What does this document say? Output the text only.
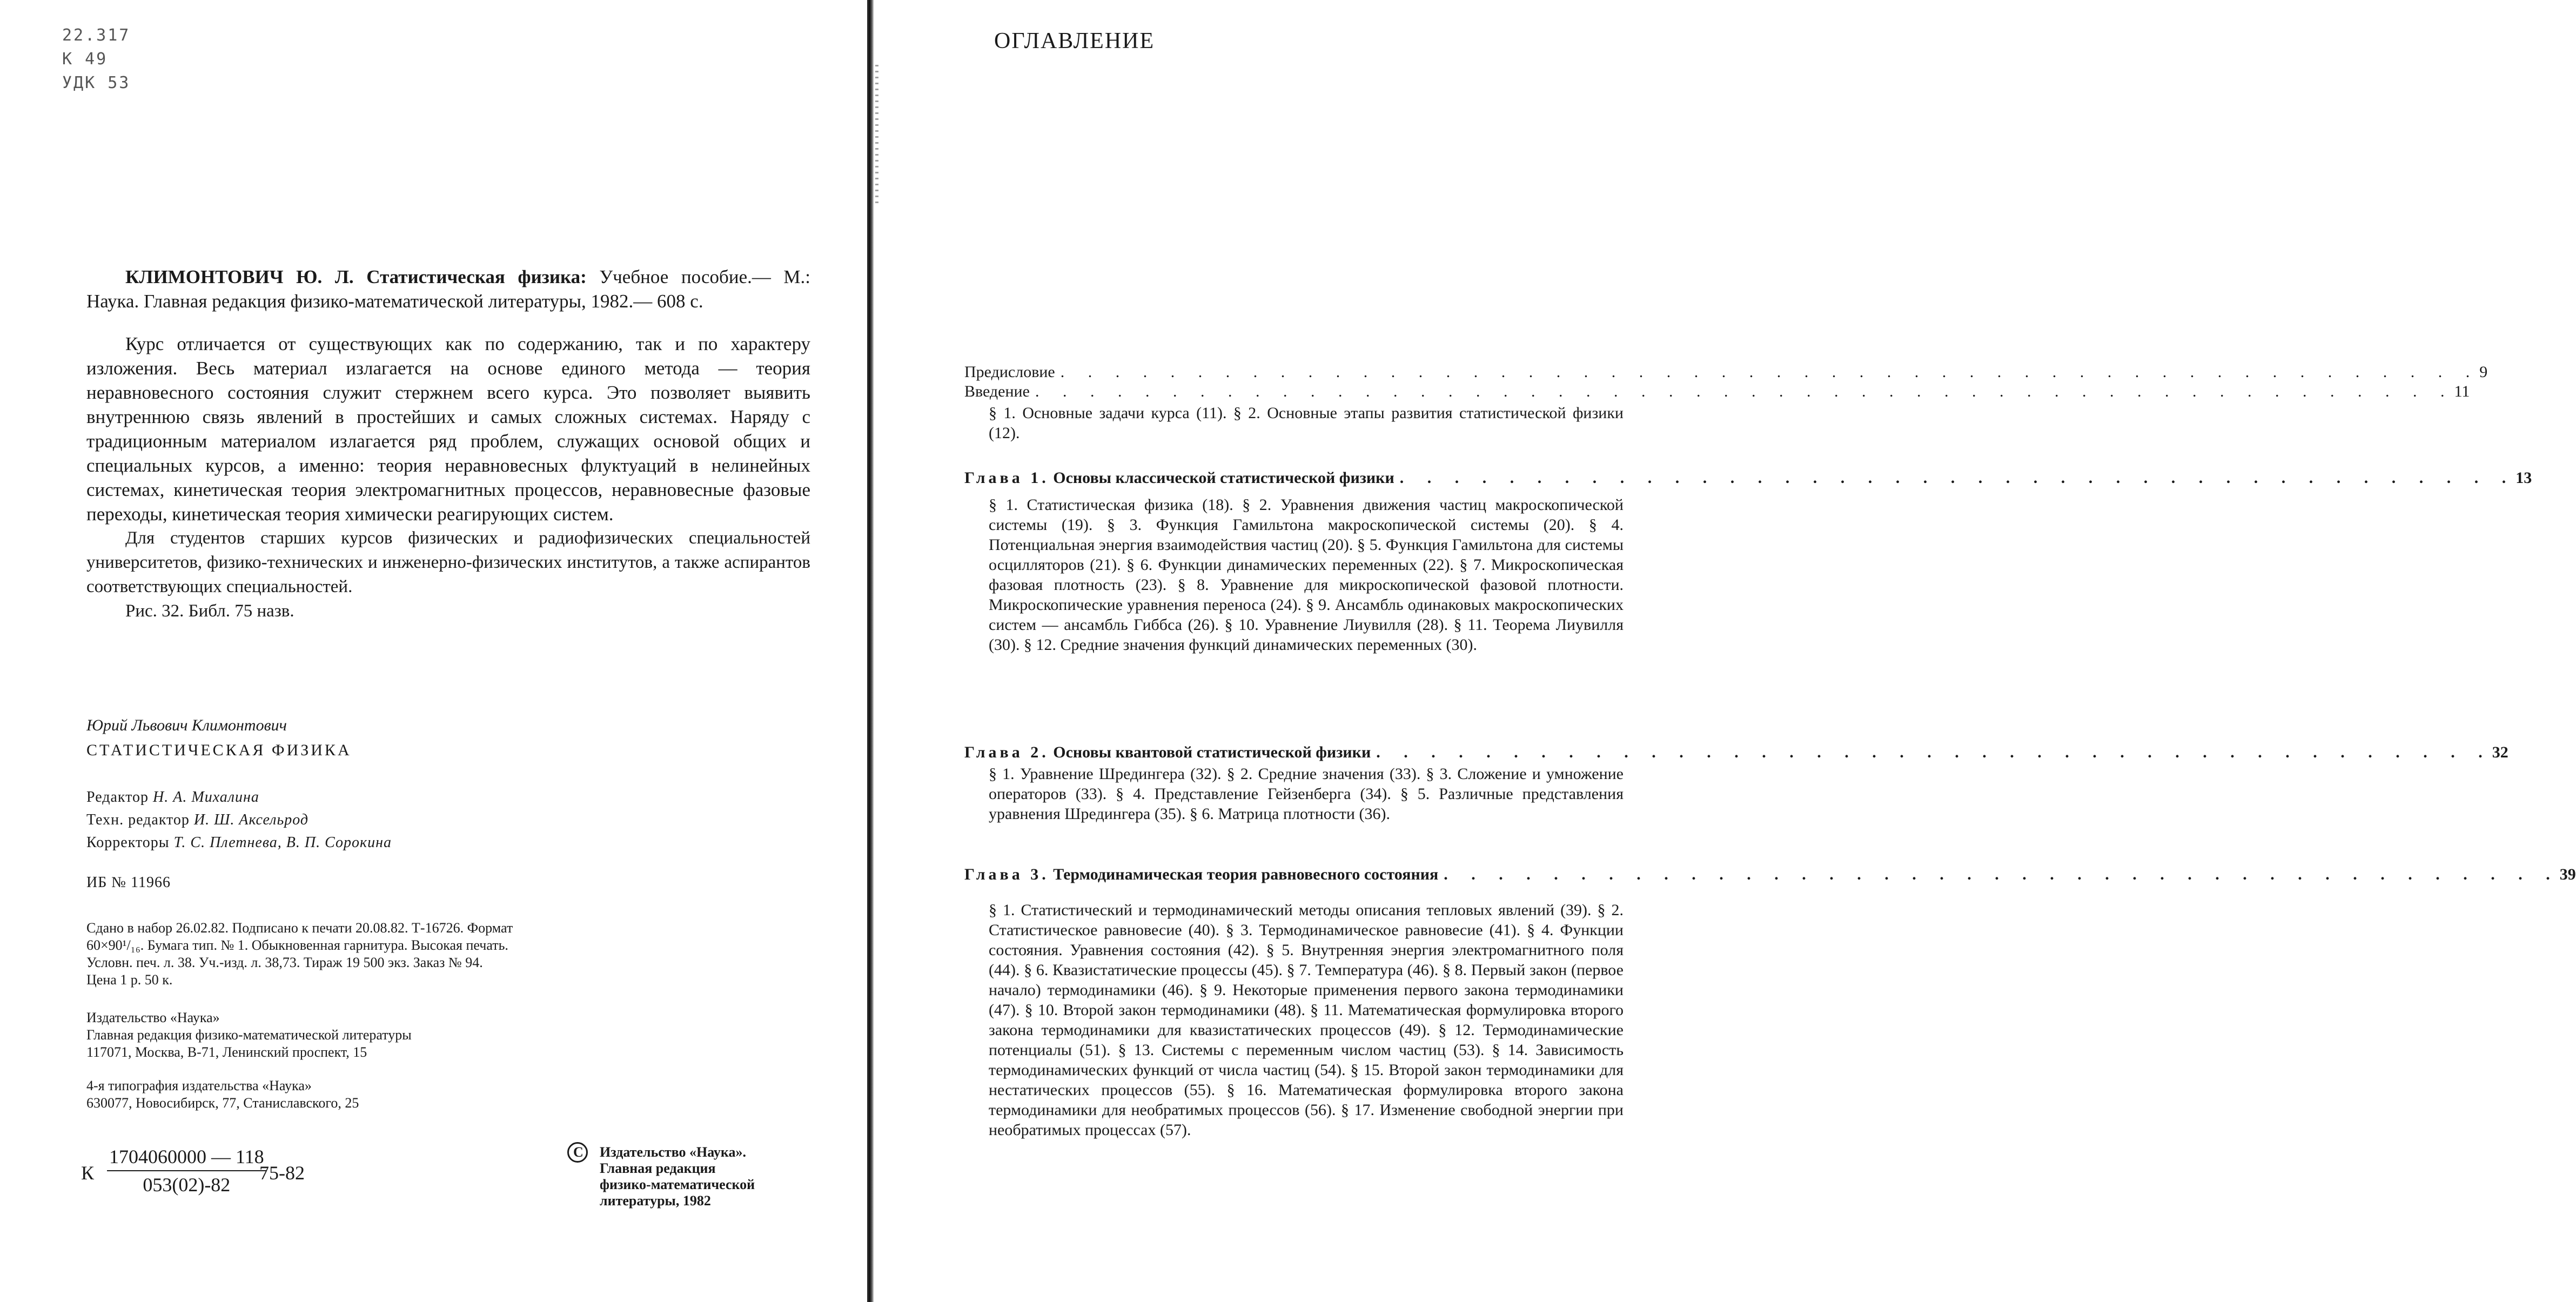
22.317
К 49
УДК 53
КЛИМОНТОВИЧ Ю. Л. Статистическая физика: Учебное пособие.— М.: Наука. Главная редакция физико-математической литературы, 1982.— 608 с.

Курс отличается от существующих как по содержанию, так и по характеру изложения. Весь материал излагается на основе единого метода — теория неравновесного состояния служит стержнем всего курса. Это позволяет выявить внутреннюю связь явлений в простейших и самых сложных системах. Наряду с традиционным материалом излагается ряд проблем, служащих основой общих и специальных курсов, а именно: теория неравновесных флуктуаций в нелинейных системах, кинетическая теория электромагнитных процессов, неравновесные фазовые переходы, кинетическая теория химически реагирующих систем.

Для студентов старших курсов физических и радиофизических специальностей университетов, физико-технических и инженерно-физических институтов, а также аспирантов соответствующих специальностей.

Рис. 32. Библ. 75 назв.

Юрий Львович Климонтович
СТАТИСТИЧЕСКАЯ ФИЗИКА
Редактор Н. А. Михалина
Техн. редактор И. Ш. Аксельрод
Корректоры Т. С. Плетнева, В. П. Сорокина
ИБ № 11966
Сдано в набор 26.02.82. Подписано к печати 20.08.82. Т-16726. Формат
60×90¹/₁₆. Бумага тип. № 1. Обыкновенная гарнитура. Высокая печать.
Условн. печ. л. 38. Уч.-изд. л. 38,73. Тираж 19 500 экз. Заказ № 94.
Цена 1 р. 50 к.
Издательство «Наука»
Главная редакция физико-математической литературы
117071, Москва, В-71, Ленинский проспект, 15
4-я типография издательства «Наука»
630077, Новосибирск, 77, Станиславского, 25
К $\frac{1704060000 — 118}{053(02)-82}$
75-82
C
Издательство «Наука».
Главная редакция
физико-математической
литературы, 1982
ОГЛАВЛЕНИЕ
Предисловие . . . . . . . . . . . . . . . . . . . . . . . . . . . . . . . . . . . . . . . . . . . . . . . . . . . . 9
Введение . . . . . . . . . . . . . . . . . . . . . . . . . . . . . . . . . . . . . . . . . . . . . . . . . . . . 11
§ 1. Основные задачи курса (11). § 2. Основные этапы развития статистической физики (12).
Глава 1. Основы классической статистической физики . . . . . . . . . . . . . . . . . . . . . . . . . . . . . . . . . . . . . . . . . 13
§ 1. Статистическая физика (18). § 2. Уравнения движения частиц макроскопической системы (19). § 3. Функция Гамильтона макроскопической системы (20). § 4. Потенциальная энергия взаимодействия частиц (20). § 5. Функция Гамильтона для системы осцилляторов (21). § 6. Функции динамических переменных (22). § 7. Микроскопическая фазовая плотность (23). § 8. Уравнение для микроскопической фазовой плотности. Микроскопические уравнения переноса (24). § 9. Ансамбль одинаковых макроскопических систем — ансамбль Гиббса (26). § 10. Уравнение Лиувилля (28). § 11. Теорема Лиувилля (30). § 12. Средние значения функций динамических переменных (30).
Глава 2. Основы квантовой статистической физики . . . . . . . . . . . . . . . . . . . . . . . . . . . . . . . . . . . . . . . . . 32
§ 1. Уравнение Шредингера (32). § 2. Средние значения (33). § 3. Сложение и умножение операторов (33). § 4. Представление Гейзенберга (34). § 5. Различные представления уравнения Шредингера (35). § 6. Матрица плотности (36).
Глава 3. Термодинамическая теория равновесного состояния . . . . . . . . . . . . . . . . . . . . . . . . . . . . . . . . . . . . . . . . . 39
§ 1. Статистический и термодинамический методы описания тепловых явлений (39). § 2. Статистическое равновесие (40). § 3. Термодинамическое равновесие (41). § 4. Функции состояния. Уравнения состояния (42). § 5. Внутренняя энергия электромагнитного поля (44). § 6. Квазистатические процессы (45). § 7. Температура (46). § 8. Первый закон (первое начало) термодинамики (46). § 9. Некоторые применения первого закона термодинамики (47). § 10. Второй закон термодинамики (48). § 11. Математическая формулировка второго закона термодинамики для квазистатических процессов (49). § 12. Термодинамические потенциалы (51). § 13. Системы с переменным числом частиц (53). § 14. Зависимость термодинамических функций от числа частиц (54). § 15. Второй закон термодинамики для нестатических процессов (55). § 16. Математическая формулировка второго закона термодинамики для необратимых процессов (56). § 17. Изменение свободной энергии при необратимых процессах (57).
